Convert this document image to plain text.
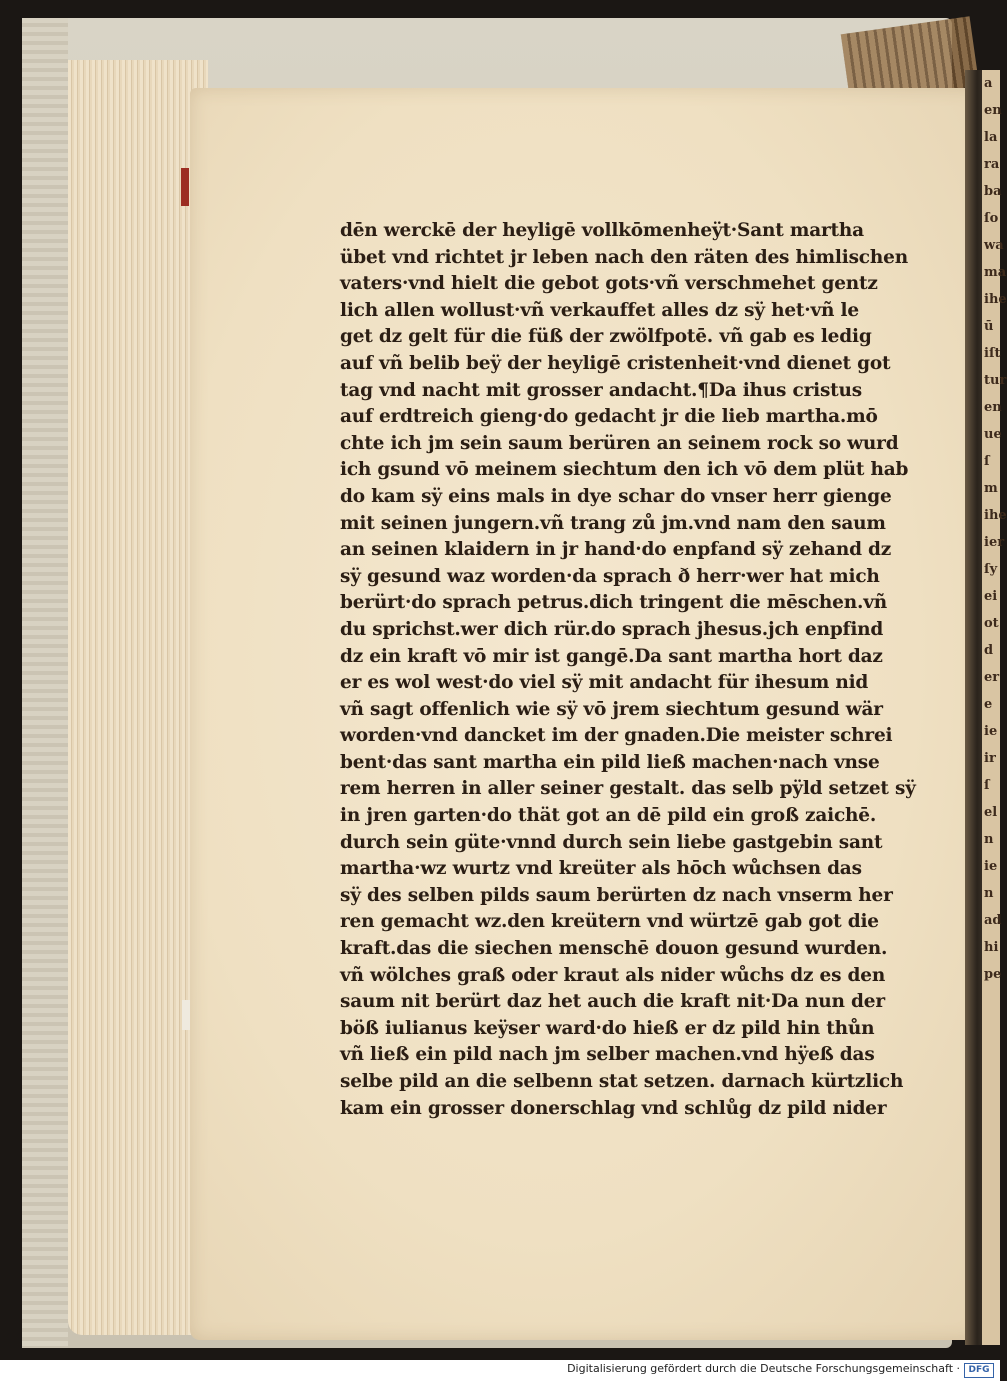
a
en
la
ra
ba
ſo
wa
ma
ihe
ū
iſt
tur
en
ue
ſ
m
ihe
ier
ſy
ei
ot
d
er
e
ie
ir
ſ
el
n
ie
n
ad
hi
pe
dēn werckē der heyligē vollkōmenheÿt·Sant martha
übet vnd richtet jr leben nach den räten des himlischen
vaters·vnd hielt die gebot gots·vñ verschmehet gentz
lich allen wollust·vñ verkauffet alles dz sÿ het·vñ le
get dz gelt für die füß der zwölfpotē. vñ gab es ledig
auf vñ belib beÿ der heyligē cristenheit·vnd dienet got
tag vnd nacht mit grosser andacht.¶Da ihus cristus
auf erdtreich gieng·do gedacht jr die lieb martha.mō
chte ich jm sein saum berüren an seinem rock so wurd
ich gsund vō meinem siechtum den ich vō dem plüt hab
do kam sÿ eins mals in dye schar do vnser herr gienge
mit seinen jungern.vñ trang zů jm.vnd nam den saum
an seinen klaidern in jr hand·do enpfand sÿ zehand dz
sÿ gesund waz worden·da sprach ð herr·wer hat mich
berürt·do sprach petrus.dich tringent die mēschen.vñ
du sprichst.wer dich rür.do sprach jhesus.jch enpfind
dz ein kraft vō mir ist gangē.Da sant martha hort daz
er es wol west·do viel sÿ mit andacht für ihesum nid
vñ sagt offenlich wie sÿ vō jrem siechtum gesund wär
worden·vnd dancket im der gnaden.Die meister schrei
bent·das sant martha ein pild ließ machen·nach vnse
rem herren in aller seiner gestalt. das selb pÿld setzet sÿ
in jren garten·do thät got an dē pild ein groß zaichē.
durch sein güte·vnnd durch sein liebe gastgebin sant
martha·wz wurtz vnd kreüter als hōch wůchsen das
sÿ des selben pilds saum berürten dz nach vnserm her
ren gemacht wz.den kreütern vnd würtzē gab got die
kraft.das die siechen menschē douon gesund wurden.
vñ wölches graß oder kraut als nider wůchs dz es den
saum nit berürt daz het auch die kraft nit·Da nun der
böß iulianus keÿser ward·do hieß er dz pild hin thůn
vñ ließ ein pild nach jm selber machen.vnd hÿeß das
selbe pild an die selbenn stat setzen. darnach kürtzlich
kam ein grosser donerschlag vnd schlůg dz pild nider
Digitalisierung gefördert durch die Deutsche Forschungsgemeinschaft · DFG
